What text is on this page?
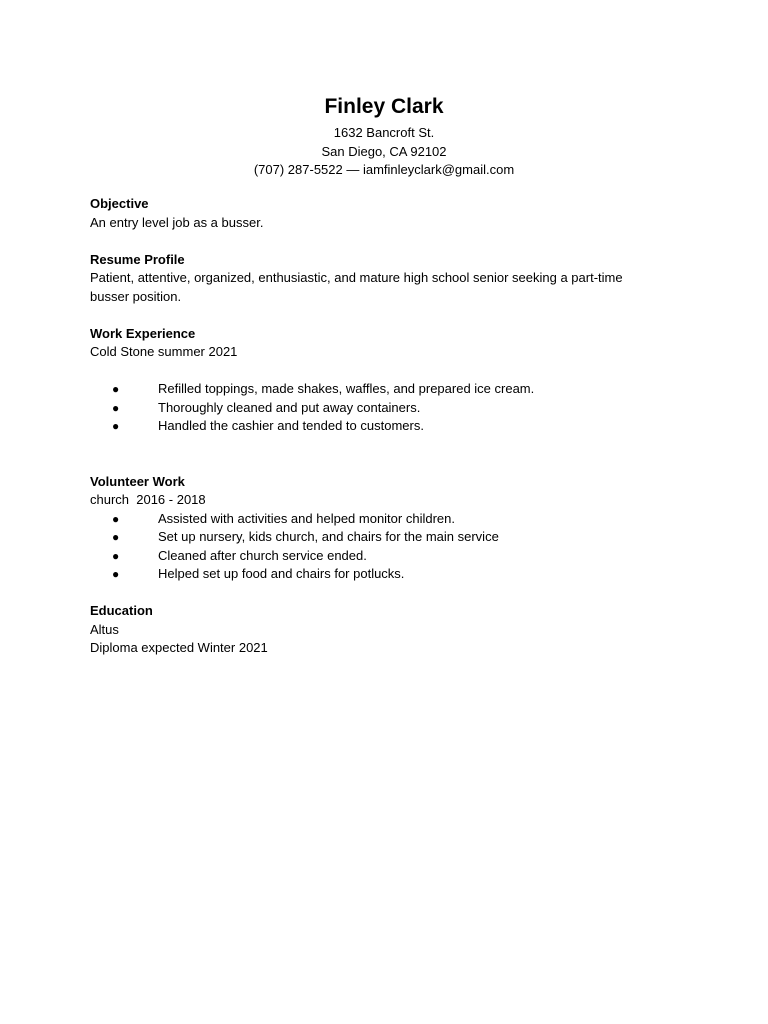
Finley Clark
1632 Bancroft St.
San Diego, CA 92102
(707) 287-5522 — iamfinleyclark@gmail.com
Objective
An entry level job as a busser.
Resume Profile
Patient, attentive, organized, enthusiastic, and mature high school senior seeking a part-time
busser position.
Work Experience
Cold Stone summer 2021
●	Refilled toppings, made shakes, waffles, and prepared ice cream.
●	Thoroughly cleaned and put away containers.
●	Handled the cashier and tended to customers.
Volunteer Work
church  2016 - 2018
●	Assisted with activities and helped monitor children.
●	Set up nursery, kids church, and chairs for the main service
●	Cleaned after church service ended.
●	Helped set up food and chairs for potlucks.
Education
Altus
Diploma expected Winter 2021
